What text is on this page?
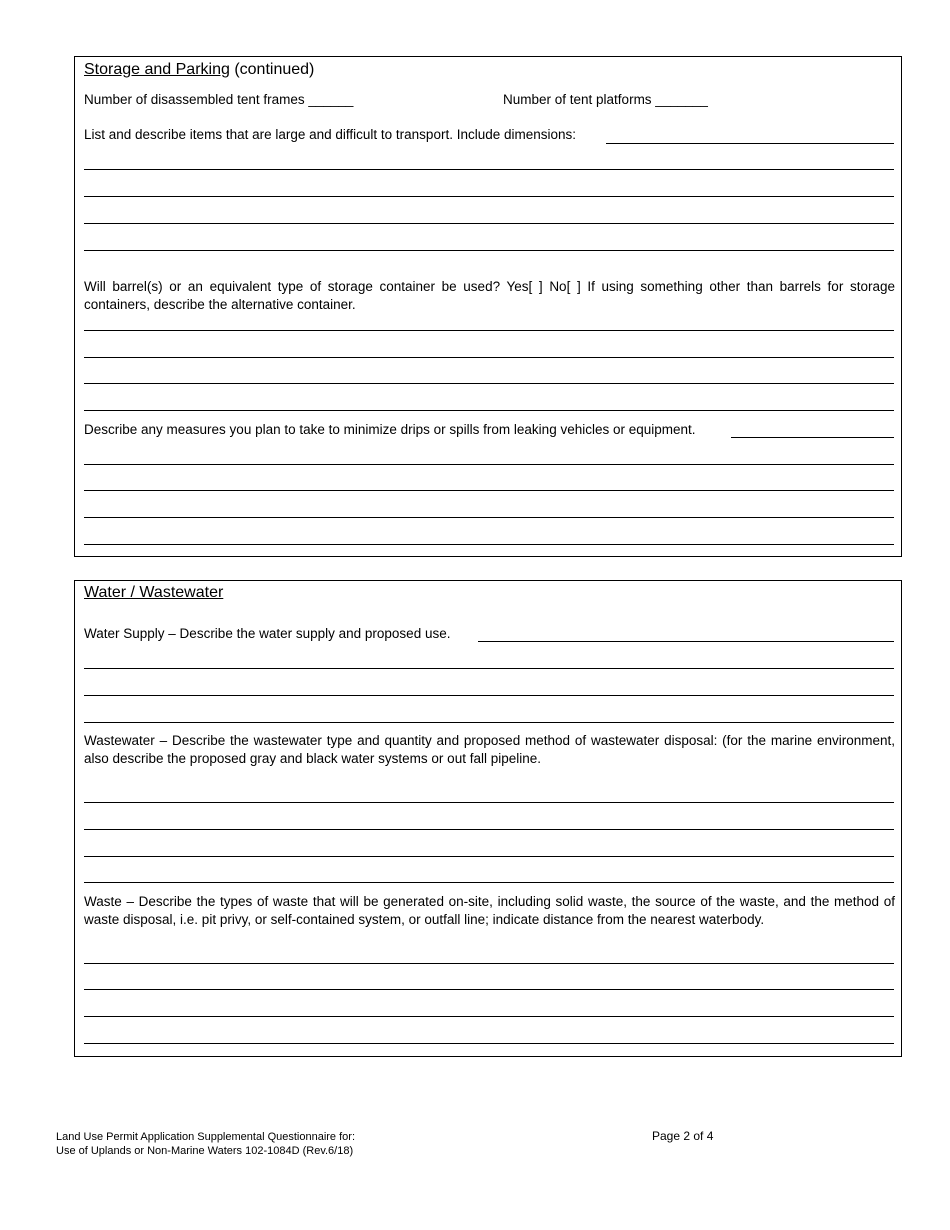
Storage and Parking (continued)
Number of disassembled tent frames ______	Number of tent platforms _______
List and describe items that are large and difficult to transport. Include dimensions:
Will barrel(s) or an equivalent type of storage container be used? Yes[ ] No[ ] If using something other than barrels for storage containers, describe the alternative container.
Describe any measures you plan to take to minimize drips or spills from leaking vehicles or equipment.
Water / Wastewater
Water Supply – Describe the water supply and proposed use.
Wastewater – Describe the wastewater type and quantity and proposed method of wastewater disposal: (for the marine environment, also describe the proposed gray and black water systems or out fall pipeline.
Waste – Describe the types of waste that will be generated on-site, including solid waste, the source of the waste, and the method of waste disposal, i.e. pit privy, or self-contained system, or outfall line; indicate distance from the nearest waterbody.
Land Use Permit Application Supplemental Questionnaire for:
Use of Uplands or Non-Marine Waters 102-1084D (Rev.6/18)
Page 2 of 4
